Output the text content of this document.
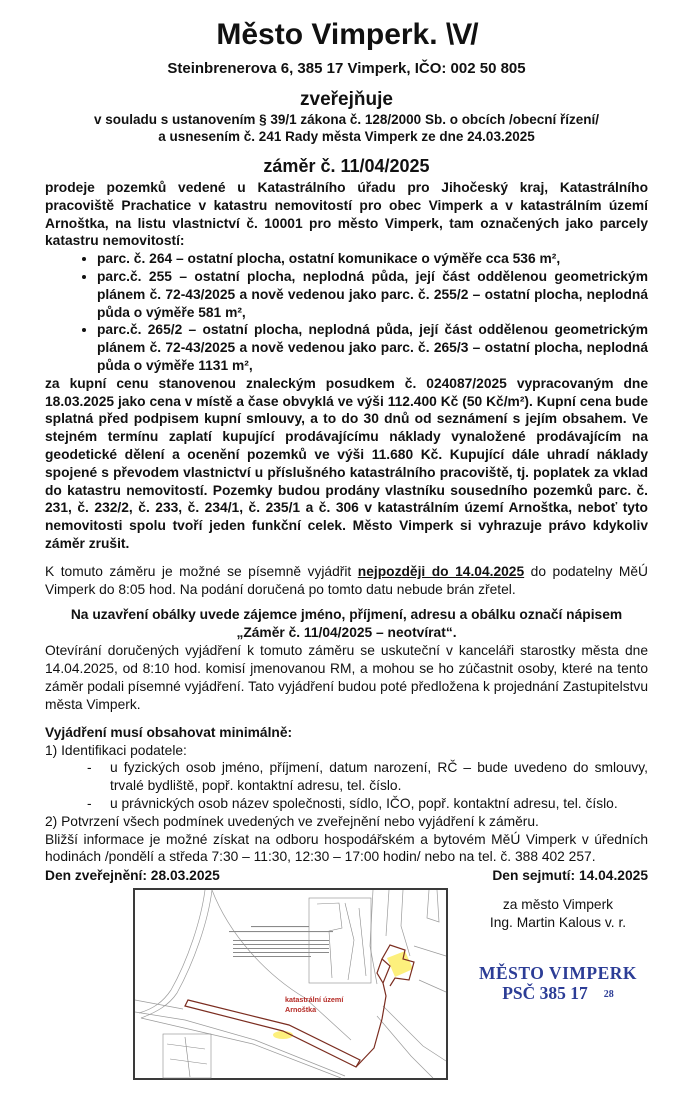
Město Vimperk. \V/
Steinbrenerova 6, 385 17 Vimperk, IČO: 002 50 805
zveřejňuje
v souladu s ustanovením § 39/1 zákona č. 128/2000 Sb. o obcích /obecní řízení/
a usnesením č. 241 Rady města Vimperk ze dne 24.03.2025
záměr č. 11/04/2025

prodeje pozemků vedené u Katastrálního úřadu pro Jihočeský kraj, Katastrálního pracoviště Prachatice v katastru nemovitostí pro obec Vimperk a v katastrálním území Arnoštka, na listu vlastnictví č. 10001 pro město Vimperk, tam označených jako parcely katastru nemovitostí:

• parc. č. 264 – ostatní plocha, ostatní komunikace o výměře cca 536 m²,
• parc.č. 255 – ostatní plocha, neplodná půda, její část oddělenou geometrickým plánem č. 72-43/2025 a nově vedenou jako parc. č. 255/2 – ostatní plocha, neplodná půda o výměře 581 m²,
• parc.č. 265/2 – ostatní plocha, neplodná půda, její část oddělenou geometrickým plánem č. 72-43/2025 a nově vedenou jako parc. č. 265/3 – ostatní plocha, neplodná půda o výměře 1131 m²,

za kupní cenu stanovenou znaleckým posudkem č. 024087/2025 vypracovaným dne 18.03.2025 jako cena v místě a čase obvyklá ve výši 112.400 Kč (50 Kč/m²). Kupní cena bude splatná před podpisem kupní smlouvy, a to do 30 dnů od seznámení s jejím obsahem. Ve stejném termínu zaplatí kupující prodávajícímu náklady vynaložené prodávajícím na geodetické dělení a ocenění pozemků ve výši 11.680 Kč. Kupující dále uhradí náklady spojené s převodem vlastnictví u příslušného katastrálního pracoviště, tj. poplatek za vklad do katastru nemovitostí. Pozemky budou prodány vlastníku sousedního pozemků parc. č. 231, č. 232/2, č. 233, č. 234/1, č. 235/1 a č. 306 v katastrálním území Arnoštka, neboť tyto nemovitosti spolu tvoří jeden funkční celek. Město Vimperk si vyhrazuje právo kdykoliv záměr zrušit.

K tomuto záměru je možné se písemně vyjádřit nejpozději do 14.04.2025 do podatelny MěÚ Vimperk do 8:05 hod. Na podání doručená po tomto datu nebude brán zřetel.

Na uzavření obálky uvede zájemce jméno, příjmení, adresu a obálku označí nápisem
„Záměr č. 11/04/2025 – neotvírat“.

Otevírání doručených vyjádření k tomuto záměru se uskuteční v kanceláři starostky města dne 14.04.2025, od 8:10 hod. komisí jmenovanou RM, a mohou se ho zúčastnit osoby, které na tento záměr podali písemné vyjádření. Tato vyjádření budou poté předložena k projednání Zastupitelstvu města Vimperk.

Vyjádření musí obsahovat minimálně:

1) Identifikaci podatele:

- u fyzických osob jméno, příjmení, datum narození, RČ – bude uvedeno do smlouvy, trvalé bydliště, popř. kontaktní adresu, tel. číslo.
- u právnických osob název společnosti, sídlo, IČO, popř. kontaktní adresu, tel. číslo.

2) Potvrzení všech podmínek uvedených ve zveřejnění nebo vyjádření k záměru.

Bližší informace je možné získat na odboru hospodářském a bytovém MěÚ Vimperk v úředních hodinách /pondělí a středa 7:30 – 11:30, 12:30 – 17:00 hodin/ nebo na tel. č. 388 402 257.

Den zveřejnění: 28.03.2025	Den sejmutí: 14.04.2025
katastrální území
Arnoštka
za město Vimperk
Ing. Martin Kalous v. r.
MĚSTO VIMPERK
PSČ 385 17 28
